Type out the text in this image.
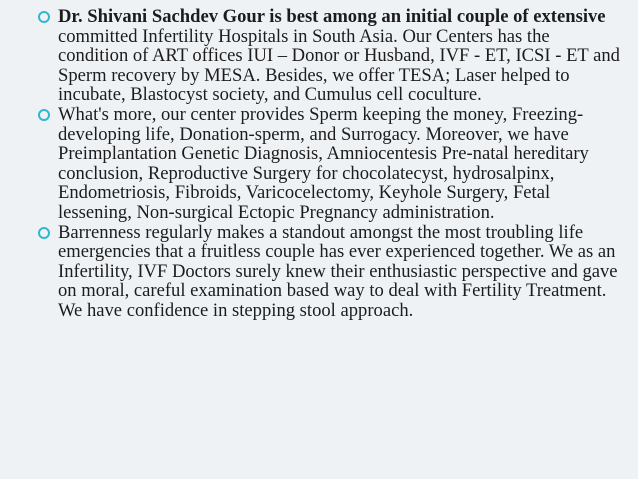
Dr. Shivani Sachdev Gour is best among an initial couple of extensive committed Infertility Hospitals in South Asia. Our Centers has the condition of ART offices IUI – Donor or Husband, IVF - ET, ICSI - ET and Sperm recovery by MESA. Besides, we offer TESA; Laser helped to incubate, Blastocyst society, and Cumulus cell coculture.
What's more, our center provides Sperm keeping the money, Freezing-developing life, Donation-sperm, and Surrogacy. Moreover, we have Preimplantation Genetic Diagnosis, Amniocentesis Pre-natal hereditary conclusion, Reproductive Surgery for chocolatecyst, hydrosalpinx, Endometriosis, Fibroids, Varicocelectomy, Keyhole Surgery, Fetal lessening, Non-surgical Ectopic Pregnancy administration.
Barrenness regularly makes a standout amongst the most troubling life emergencies that a fruitless couple has ever experienced together. We as an Infertility, IVF Doctors surely knew their enthusiastic perspective and gave on moral, careful examination based way to deal with Fertility Treatment. We have confidence in stepping stool approach.
